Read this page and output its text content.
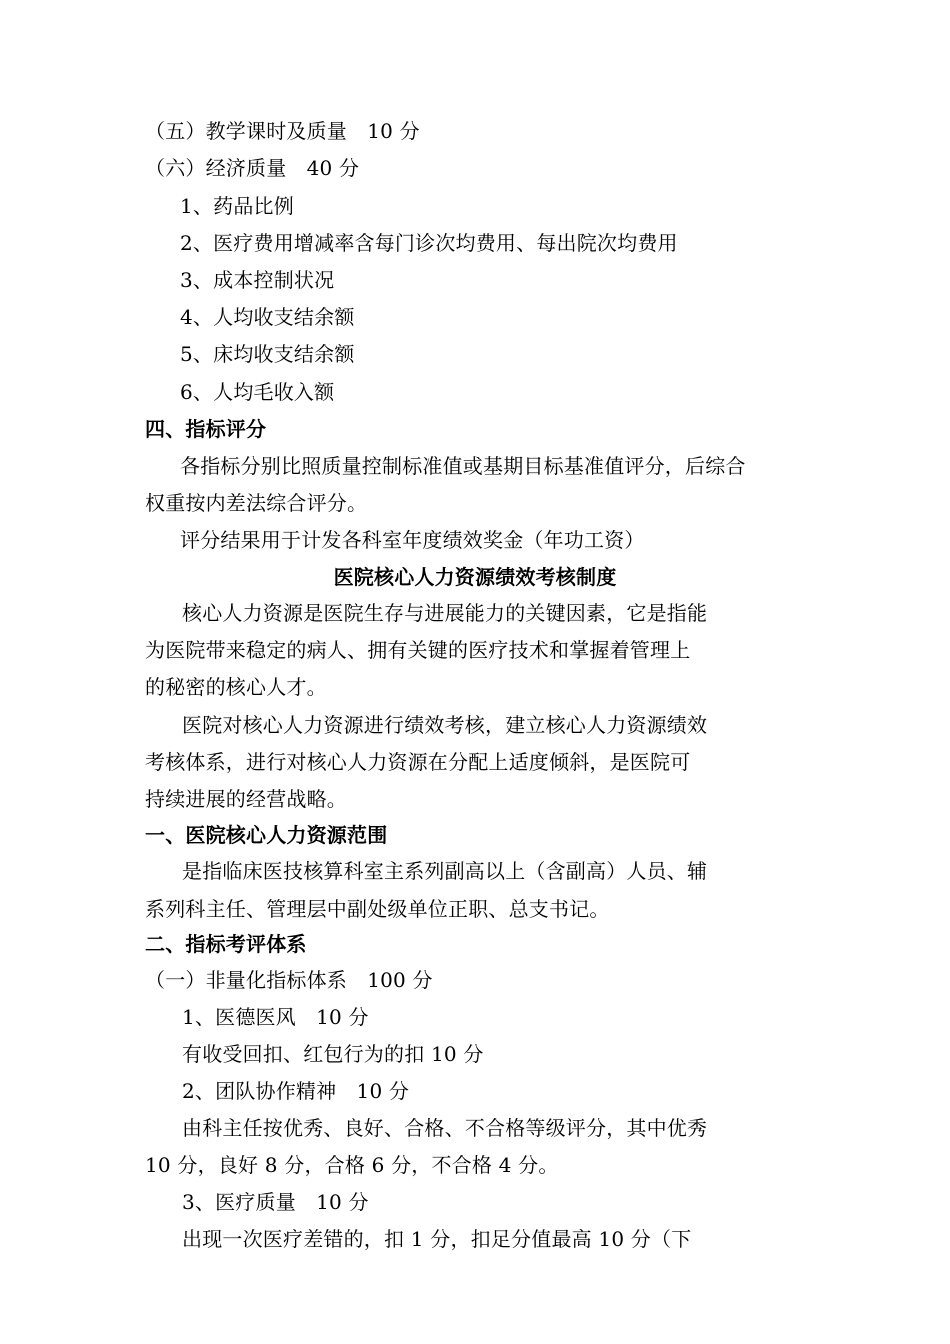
（五）教学课时及质量　10 分
（六）经济质量　40 分
1、药品比例
2、医疗费用增减率含每门诊次均费用、每出院次均费用
3、成本控制状况
4、人均收支结余额
5、床均收支结余额
6、人均毛收入额
四、指标评分
各指标分别比照质量控制标准值或基期目标基准值评分，后综合
权重按内差法综合评分。
评分结果用于计发各科室年度绩效奖金（年功工资）
医院核心人力资源绩效考核制度
核心人力资源是医院生存与进展能力的关键因素，它是指能
为医院带来稳定的病人、拥有关键的医疗技术和掌握着管理上
的秘密的核心人才。
医院对核心人力资源进行绩效考核，建立核心人力资源绩效
考核体系，进行对核心人力资源在分配上适度倾斜，是医院可
持续进展的经营战略。
一、医院核心人力资源范围
是指临床医技核算科室主系列副高以上（含副高）人员、辅
系列科主任、管理层中副处级单位正职、总支书记。
二、指标考评体系
（一）非量化指标体系　100 分
1、医德医风　10 分
有收受回扣、红包行为的扣 10 分
2、团队协作精神　10 分
由科主任按优秀、良好、合格、不合格等级评分，其中优秀
10 分，良好 8 分，合格 6 分，不合格 4 分。
3、医疗质量　10 分
出现一次医疗差错的，扣 1 分，扣足分值最高 10 分（下
